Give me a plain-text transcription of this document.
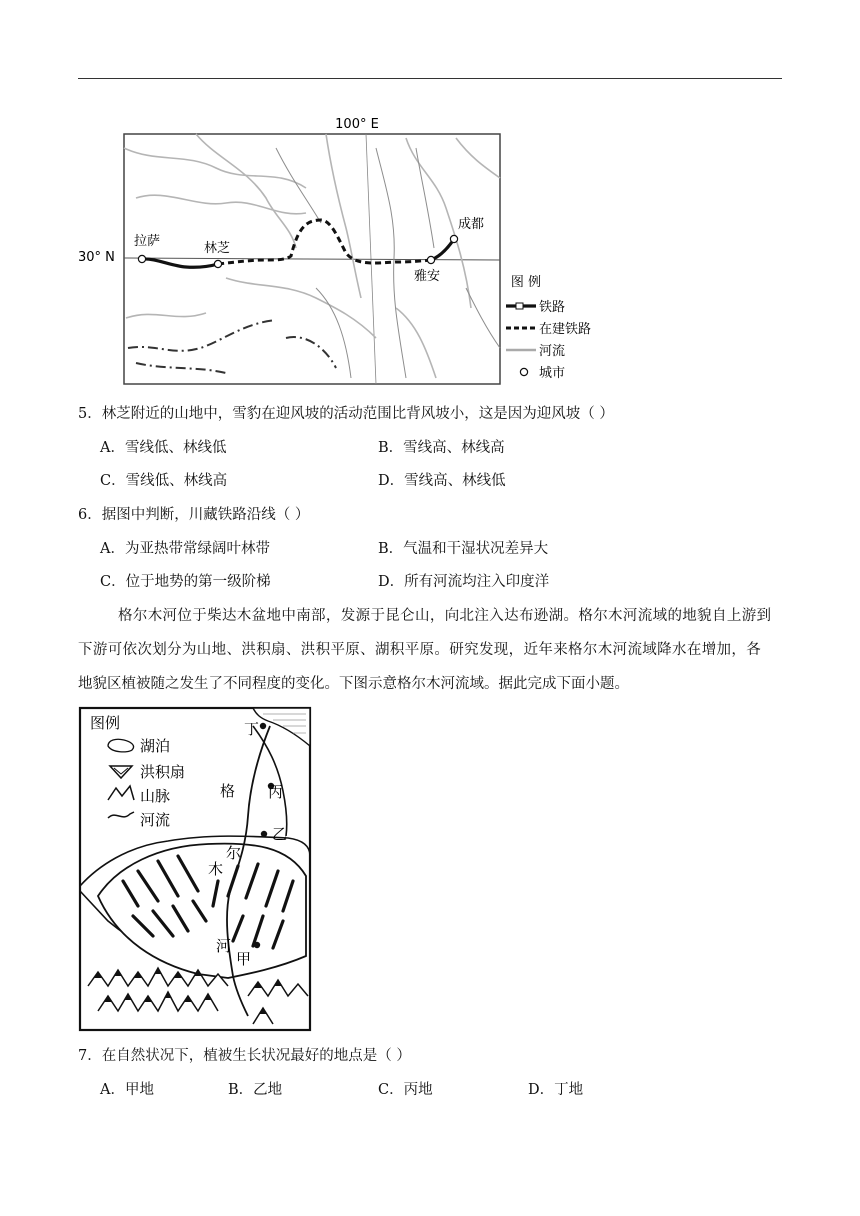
100° E
30° N
拉萨	林芝
成都
雅安	图 例
铁路
在建铁路
河流
城市
5．林芝附近的山地中，雪豹在迎风坡的活动范围比背风坡小，这是因为迎风坡（ ）
A．雪线低、林线低	B．雪线高、林线高
C．雪线低、林线高	D．雪线高、林线低
6．据图中判断，川藏铁路沿线（ ）
A．为亚热带常绿阔叶林带	B．气温和干湿状况差异大
C．位于地势的第一级阶梯	D．所有河流均注入印度洋
格尔木河位于柴达木盆地中南部，发源于昆仑山，向北注入达布逊湖。格尔木河流域的地貌自上游到
下游可依次划分为山地、洪积扇、洪积平原、湖积平原。研究发现，近年来格尔木河流域降水在增加，各
地貌区植被随之发生了不同程度的变化。下图示意格尔木河流域。据此完成下面小题。
图例
湖泊
洪积扇
山脉
河流
格
尔
木
河
丁
丙
乙
甲
7．在自然状况下，植被生长状况最好的地点是（ ）
A．甲地	B．乙地	C．丙地	D．丁地
